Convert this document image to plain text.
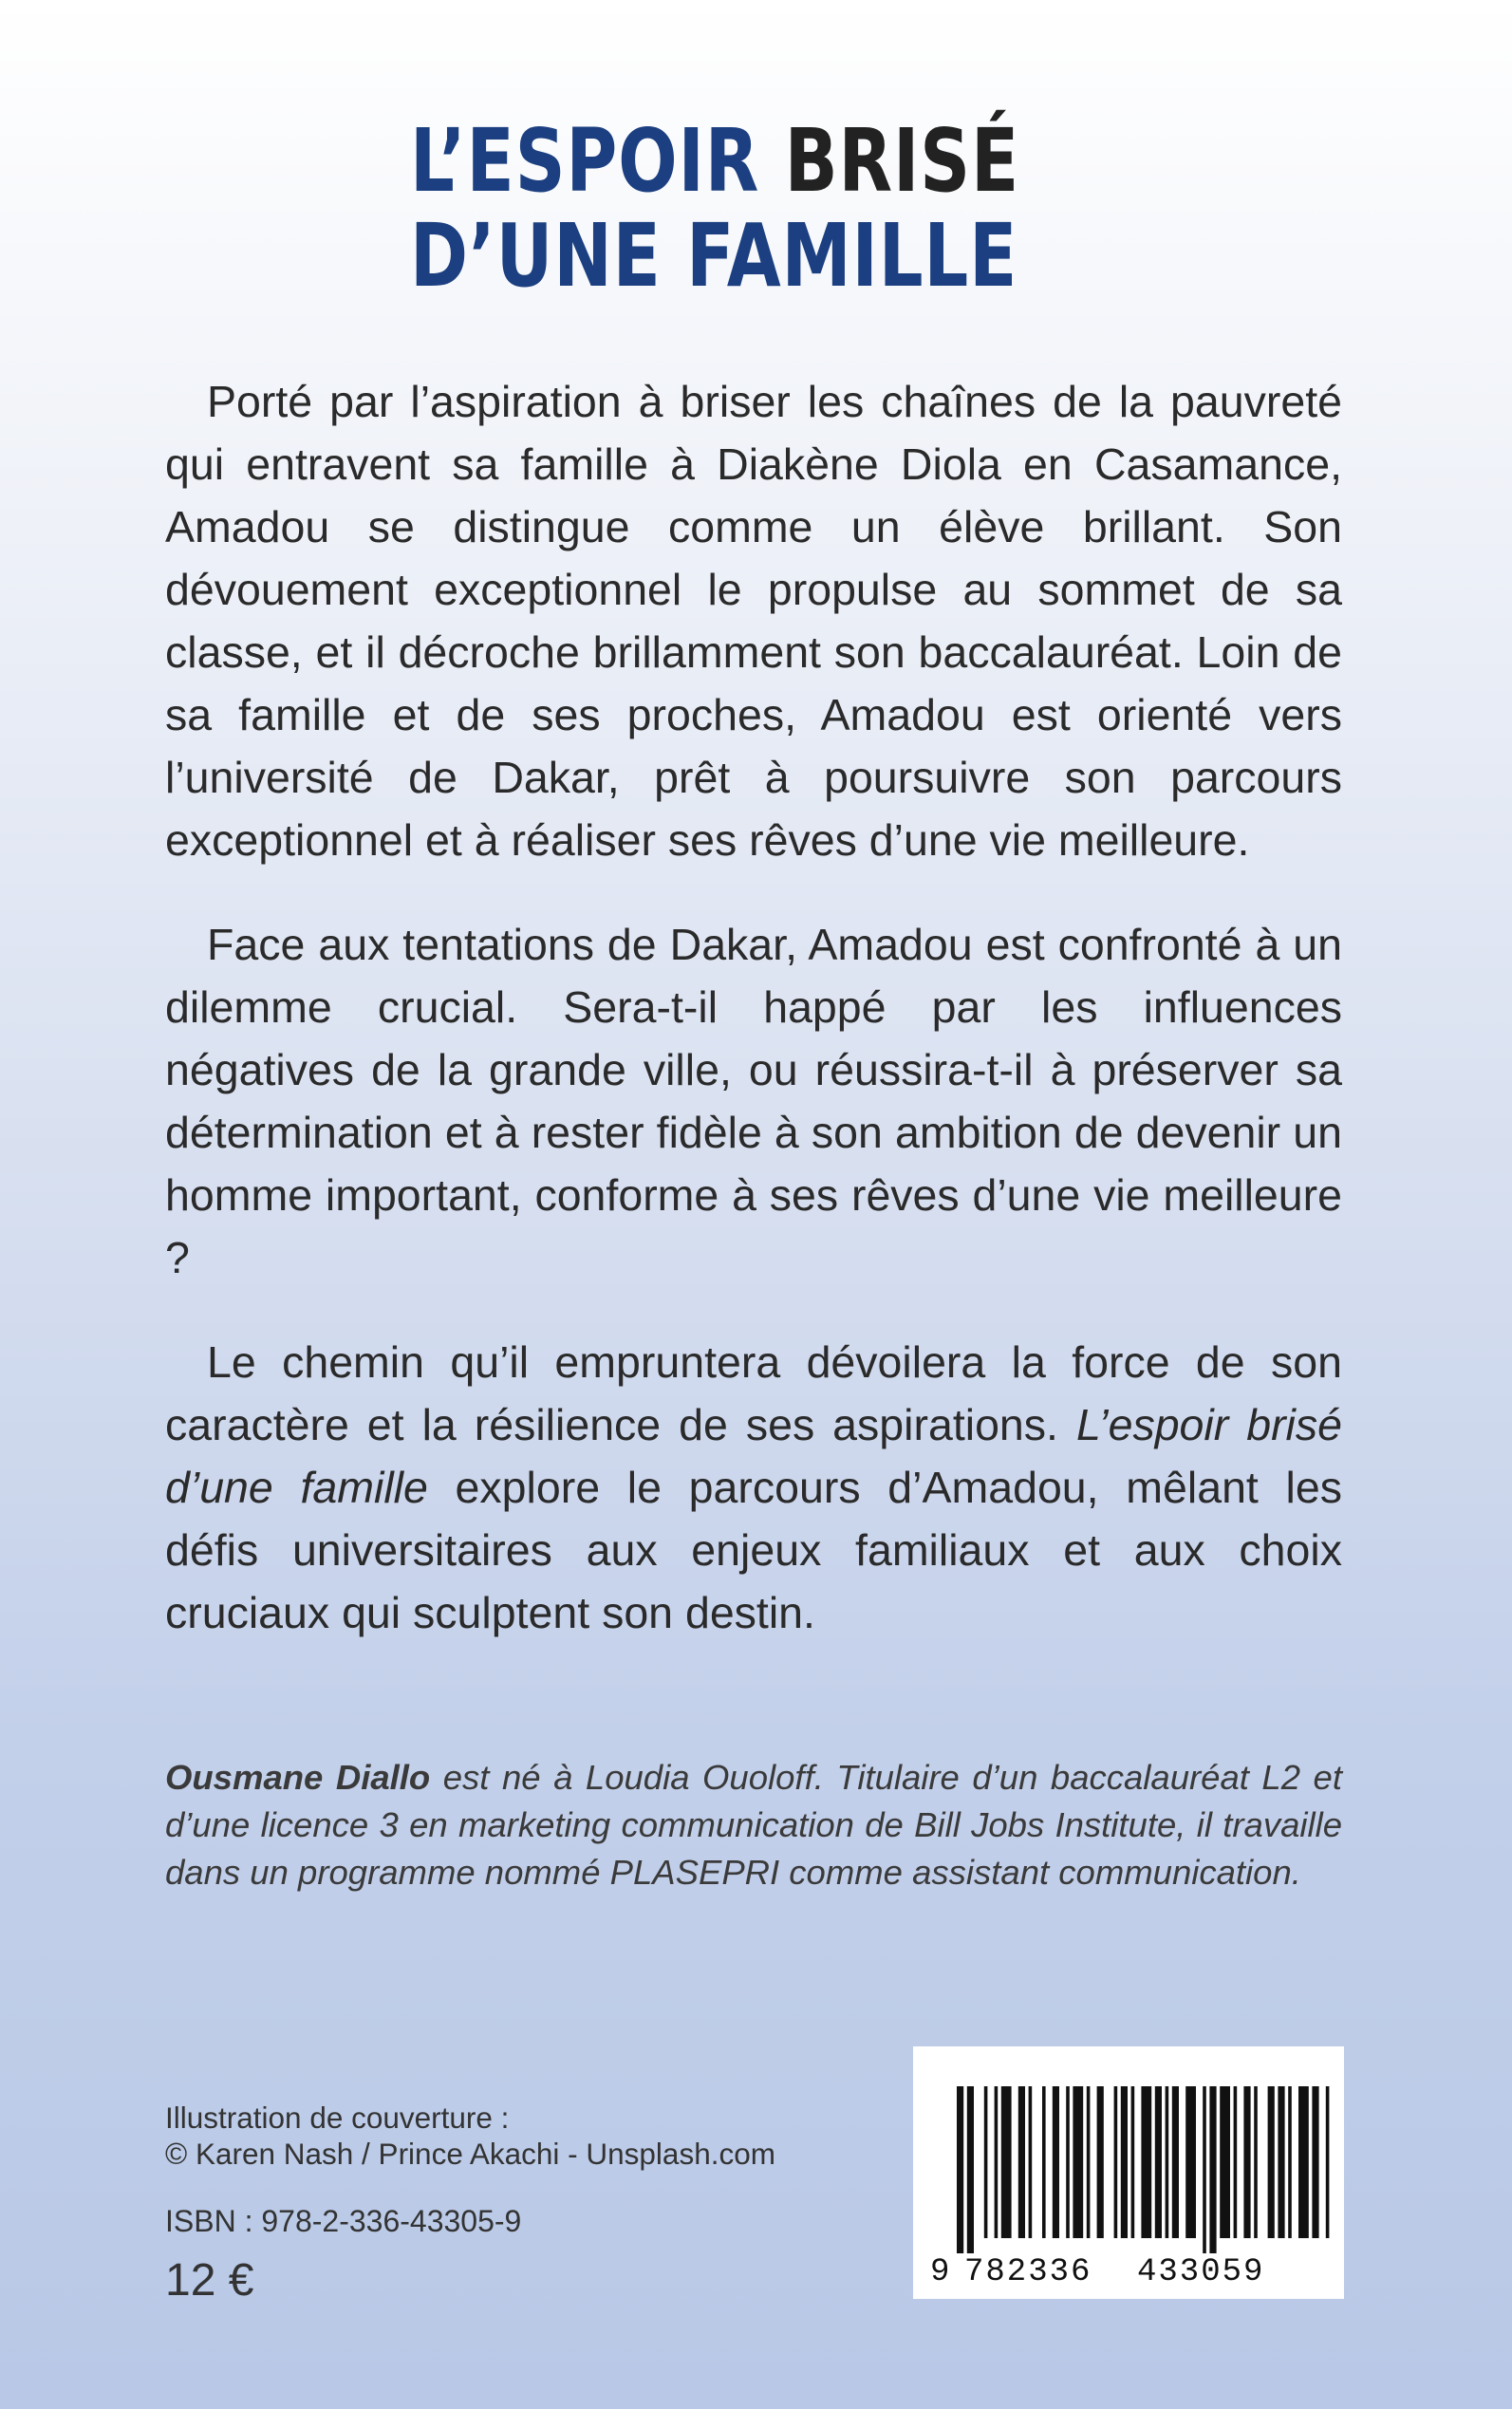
L’ESPOIR BRISÉ
D’UNE FAMILLE

Porté par l’aspiration à briser les chaînes de la pauvreté qui entravent sa famille à Diakène Diola en Casamance, Amadou se distingue comme un élève brillant. Son dévouement exceptionnel le propulse au sommet de sa classe, et il décroche brillamment son baccalauréat. Loin de sa famille et de ses proches, Amadou est orienté vers l’université de Dakar, prêt à poursuivre son parcours exceptionnel et à réaliser ses rêves d’une vie meilleure.

Face aux tentations de Dakar, Amadou est confronté à un dilemme crucial. Sera-t-il happé par les influences négatives de la grande ville, ou réussira-t-il à préserver sa détermination et à rester fidèle à son ambition de devenir un homme important, conforme à ses rêves d’une vie meilleure ?

Le chemin qu’il empruntera dévoilera la force de son caractère et la résilience de ses aspirations. L’espoir brisé d’une famille explore le parcours d’Amadou, mêlant les défis universitaires aux enjeux familiaux et aux choix cruciaux qui sculptent son destin.

Ousmane Diallo est né à Loudia Ouoloff. Titulaire d’un baccalauréat L2 et d’une licence 3 en marketing communication de Bill Jobs Institute, il travaille dans un programme nommé PLASEPRI comme assistant communication.

Illustration de couverture :
© Karen Nash / Prince Akachi - Unsplash.com
ISBN : 978-2-336-43305-9
12 €	9 782336 433059
